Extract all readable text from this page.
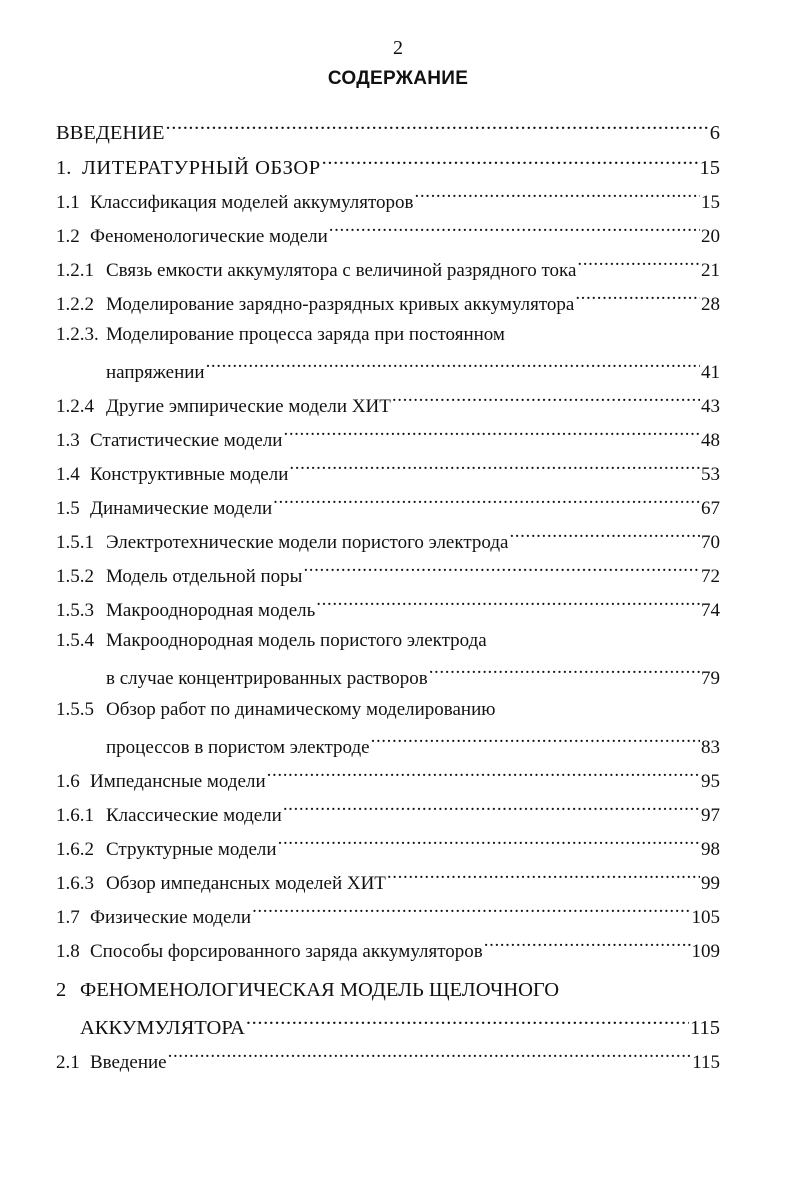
2
СОДЕРЖАНИЕ
ВВЕДЕНИЕ .....	6
1. ЛИТЕРАТУРНЫЙ ОБЗОР .....	15
1.1 Классификация моделей аккумуляторов .....	15
1.2 Феноменологические модели .....	20
1.2.1 Связь емкости аккумулятора с величиной разрядного тока .....	21
1.2.2 Моделирование зарядно-разрядных кривых аккумулятора .....	28
1.2.3. Моделирование процесса заряда при постоянном
напряжении .....	41
1.2.4 Другие эмпирические модели ХИТ .....	43
1.3 Статистические модели .....	48
1.4 Конструктивные модели .....	53
1.5 Динамические модели .....	67
1.5.1 Электротехнические модели пористого электрода .....	70
1.5.2 Модель отдельной поры .....	72
1.5.3 Макрооднородная модель .....	74
1.5.4 Макрооднородная модель пористого электрода
в случае концентрированных растворов .....	79
1.5.5 Обзор работ по динамическому моделированию
процессов в пористом электроде .....	83
1.6 Импедансные модели .....	95
1.6.1 Классические модели .....	97
1.6.2 Структурные модели .....	98
1.6.3 Обзор импедансных моделей ХИТ .....	99
1.7 Физические модели .....	105
1.8 Способы форсированного заряда аккумуляторов .....	109
2 ФЕНОМЕНОЛОГИЧЕСКАЯ МОДЕЛЬ ЩЕЛОЧНОГО
АККУМУЛЯТОРА .....	115
2.1 Введение .....	115
